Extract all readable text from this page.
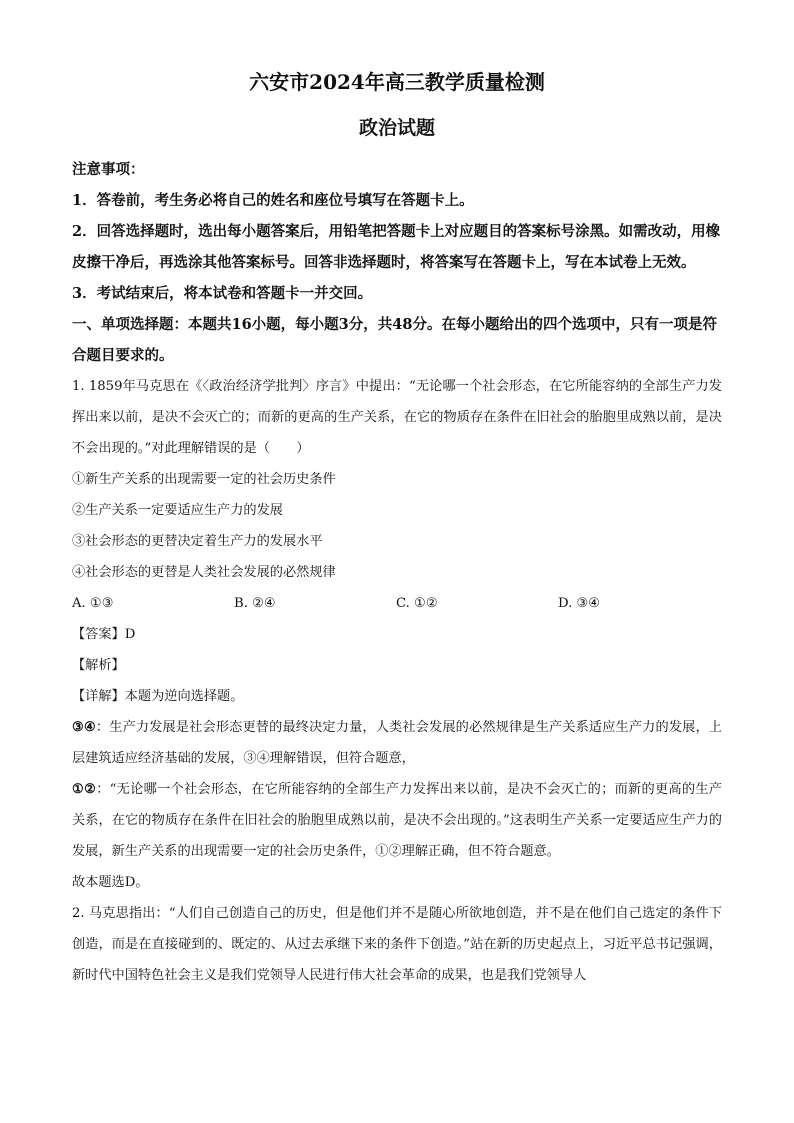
六安市2024年高三教学质量检测
政治试题

注意事项：

1．答卷前，考生务必将自己的姓名和座位号填写在答题卡上。

2．回答选择题时，选出每小题答案后，用铅笔把答题卡上对应题目的答案标号涂黑。如需改动，用橡皮擦干净后，再选涂其他答案标号。回答非选择题时，将答案写在答题卡上，写在本试卷上无效。

3．考试结束后，将本试卷和答题卡一并交回。

一、单项选择题：本题共16小题，每小题3分，共48分。在每小题给出的四个选项中，只有一项是符合题目要求的。

1. 1859年马克思在《〈政治经济学批判〉序言》中提出：“无论哪一个社会形态，在它所能容纳的全部生产力发挥出来以前，是决不会灭亡的；而新的更高的生产关系，在它的物质存在条件在旧社会的胎胞里成熟以前，是决不会出现的。”对此理解错误的是（　　）

①新生产关系的出现需要一定的社会历史条件

②生产关系一定要适应生产力的发展

③社会形态的更替决定着生产力的发展水平

④社会形态的更替是人类社会发展的必然规律

A. ①③	B. ②④	C. ①②	D. ③④

【答案】D

【解析】

【详解】本题为逆向选择题。

③④：生产力发展是社会形态更替的最终决定力量，人类社会发展的必然规律是生产关系适应生产力的发展，上层建筑适应经济基础的发展，③④理解错误，但符合题意，

①②：“无论哪一个社会形态，在它所能容纳的全部生产力发挥出来以前，是决不会灭亡的；而新的更高的生产关系，在它的物质存在条件在旧社会的胎胞里成熟以前，是决不会出现的。”这表明生产关系一定要适应生产力的发展，新生产关系的出现需要一定的社会历史条件，①②理解正确，但不符合题意。

故本题选D。

2. 马克思指出：“人们自己创造自己的历史，但是他们并不是随心所欲地创造，并不是在他们自己选定的条件下创造，而是在直接碰到的、既定的、从过去承继下来的条件下创造。”站在新的历史起点上，习近平总书记强调，新时代中国特色社会主义是我们党领导人民进行伟大社会革命的成果，也是我们党领导人
